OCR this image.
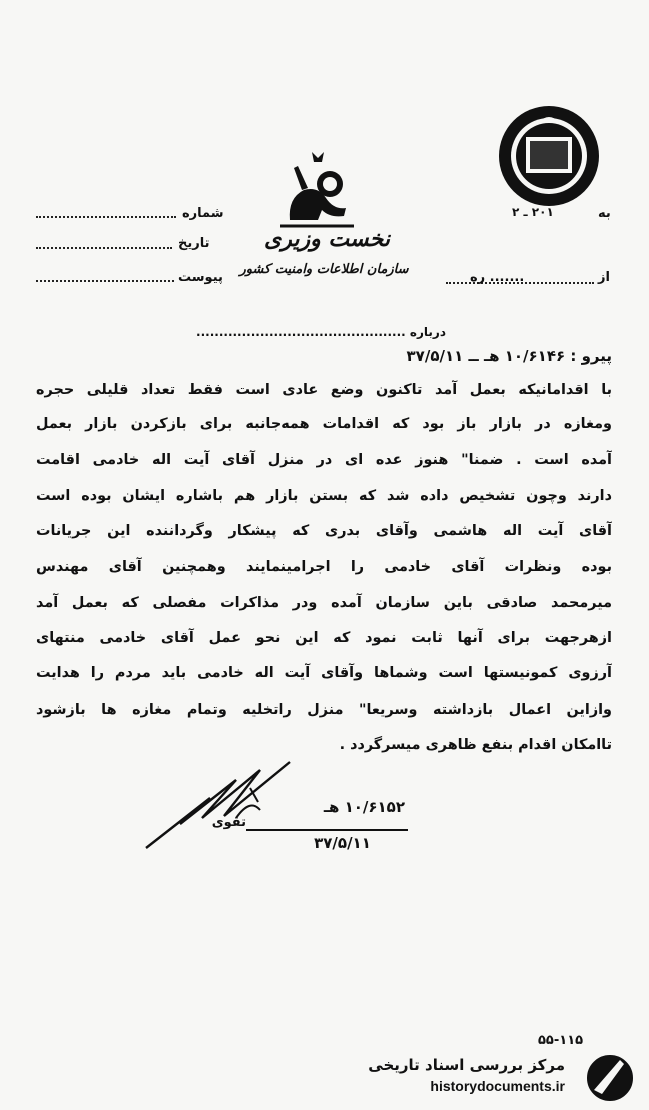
نخست وزیری
سازمان اطلاعات وامنیت کشور
شماره
تاریخ
پیوست
به
۲۰۱ ـ ۲
....... ره	از
درباره ..............................................
پیرو : ۱۰/۶۱۴۶ هـ ــ ۳۷/۵/۱۱
با اقدامانیکه بعمل آمد تاکنون وضع‌ عادی است فقط تعداد قلیلی حجره
ومغازه در بازار باز بود که اقدامات همه‌جانبه برای بازکردن بازار بعمل
آمده است . ضمنا" هنوز عده ای در منزل آقای آیت اله خادمی اقامت
دارند وچون تشخیص داده شد که بستن بازار هم باشاره ایشان بوده است
آقای آیت اله هاشمی وآقای بدری که پیشکار وگرداننده این جریانات
بوده ونظرات آقای خادمی را اجرامینمایند وهمچنین آقای مهندس
میرمحمد صادقی باین سازمان آمده ودر مذاکرات مفصلی که بعمل آمد
ازهرجهت برای آنها ثابت نمود که این نحو عمل آقای خادمی منتهای
آرزوی کمونیستها است وشماها وآقای آیت اله خادمی باید مردم را هدایت
وازاین اعمال بازداشته وسریعا" منزل راتخلیه وتمام مغازه ها بازشود
تاامکان اقدام بنفع ظاهری میسرگردد .
۱۰/۶۱۵۲ هـ
تقوی
۳۷/۵/۱۱
۵۵-۱۱۵
مرکز بررسی اسناد تاریخی
historydocuments.ir
